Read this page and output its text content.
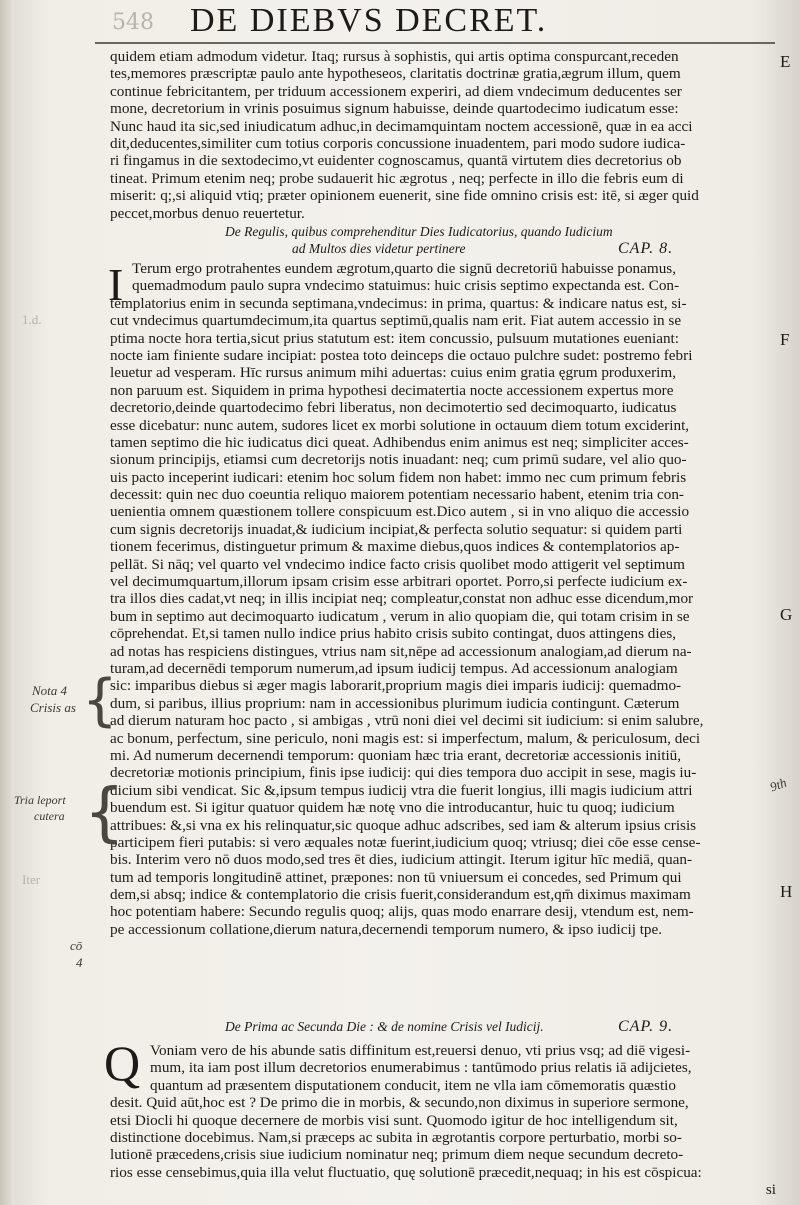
548 DE DIEBVS DECRET.
1.d.
Iter
quidem etiam admodum videtur. Itaq; rursus à sophistis, qui artis optima conspurcant,receden
tes,memores præscriptæ paulo ante hypotheseos, claritatis doctrinæ gratia,ægrum illum, quem
continue febricitantem, per triduum accessionem experiri, ad diem vndecimum deducentes ser
mone, decretorium in vrinis posuimus signum habuisse, deinde quartodecimo iudicatum esse:
Nunc haud ita sic,sed iniudicatum adhuc,in decimamquintam noctem accessionē, quæ in ea acci
dit,deducentes,similiter cum totius corporis concussione inuadentem, pari modo sudore iudica-
ri fingamus in die sextodecimo,vt euidenter cognoscamus, quantā virtutem dies decretorius ob
tineat. Primum etenim neq; probe sudauerit hic ægrotus , neq; perfecte in illo die febris eum di
miserit: q;,si aliquid vtiq; præter opinionem euenerit, sine fide omnino crisis est: itē, si æger quid
peccet,morbus denuo reuertetur.
De Regulis, quibus comprehenditur Dies Iudicatorius, quando Iudicium
ad Multos dies videtur pertinere	CAP. 8.
I Terum ergo protrahentes eundem ægrotum,quarto die signū decretoriū habuisse ponamus,
quemadmodum paulo supra vndecimo statuimus: huic crisis septimo expectanda est. Con-
templatorius enim in secunda septimana,vndecimus: in prima, quartus: & indicare natus est, si-
cut vndecimus quartumdecimum,ita quartus septimū,qualis nam erit. Fiat autem accessio in se
ptima nocte hora tertia,sicut prius statutum est: item concussio, pulsuum mutationes eueniant:
nocte iam finiente sudare incipiat: postea toto deinceps die octauo pulchre sudet: postremo febri
leuetur ad vesperam. Hīc rursus animum mihi aduertas: cuius enim gratia ęgrum produxerim,
non paruum est. Siquidem in prima hypothesi decimatertia nocte accessionem expertus more
decretorio,deinde quartodecimo febri liberatus, non decimotertio sed decimoquarto, iudicatus
esse dicebatur: nunc autem, sudores licet ex morbi solutione in octauum diem totum exciderint,
tamen septimo die hic iudicatus dici queat. Adhibendus enim animus est neq; simpliciter acces-
sionum principijs, etiamsi cum decretorijs notis inuadant: neq; cum primū sudare, vel alio quo-
uis pacto inceperint iudicari: etenim hoc solum fidem non habet: immo nec cum primum febris
decessit: quin nec duo coeuntia reliquo maiorem potentiam necessario habent, etenim tria con-
uenientia omnem quæstionem tollere conspicuum est.Dico autem , si in vno aliquo die accessio
cum signis decretorijs inuadat,& iudicium incipiat,& perfecta solutio sequatur: si quidem parti
tionem fecerimus, distinguetur primum & maxime diebus,quos indices & contemplatorios ap-
pellāt. Si nāq; vel quarto vel vndecimo indice facto crisis quolibet modo attigerit vel septimum
vel decimumquartum,illorum ipsam crisim esse arbitrari oportet. Porro,si perfecte iudicium ex-
tra illos dies cadat,vt neq; in illis incipiat neq; compleatur,constat non adhuc esse dicendum,mor
bum in septimo aut decimoquarto iudicatum , verum in alio quopiam die, qui totam crisim in se
cōprehendat. Et,si tamen nullo indice prius habito crisis subito contingat, duos attingens dies,
ad notas has respiciens distingues, vtrius nam sit,nēpe ad accessionum analogiam,ad dierum na-
turam,ad decernēdi temporum numerum,ad ipsum iudicij tempus. Ad accessionum analogiam
sic: imparibus diebus si æger magis laborarit,proprium magis diei imparis iudicij: quemadmo-
dum, si paribus, illius proprium: nam in accessionibus plurimum iudicia contingunt. Cæterum
ad dierum naturam hoc pacto , si ambigas , vtrū noni diei vel decimi sit iudicium: si enim salubre,
ac bonum, perfectum, sine periculo, noni magis est: si imperfectum, malum, & periculosum, deci
mi. Ad numerum decernendi temporum: quoniam hæc tria erant, decretoriæ accessionis initiū,
decretoriæ motionis principium, finis ipse iudicij: qui dies tempora duo accipit in sese, magis iu-
dicium sibi vendicat. Sic &,ipsum tempus iudicij vtra die fuerit longius, illi magis iudicium attri
buendum est. Si igitur quatuor quidem hæ notę vno die introducantur, huic tu quoq; iudicium
attribues: &,si vna ex his relinquatur,sic quoque adhuc adscribes, sed iam & alterum ipsius crisis
participem fieri putabis: si vero æquales notæ fuerint,iudicium quoq; vtriusq; diei cōe esse cense-
bis. Interim vero nō duos modo,sed tres ēt dies, iudicium attingit. Iterum igitur hīc mediā, quan-
tum ad temporis longitudinē attinet, præpones: non tū vniuersum ei concedes, sed Primum qui
dem,si absq; indice & contemplatorio die crisis fuerit,considerandum est,qm̄ diximus maximam
hoc potentiam habere: Secundo regulis quoq; alijs, quas modo enarrare desij, vtendum est, nem-
pe accessionum collatione,dierum natura,decernendi temporum numero, & ipso iudicij tpe.
De Prima ac Secunda Die : & de nomine Crisis vel Iudicij.	CAP. 9.
Q Voniam vero de his abunde satis diffinitum est,reuersi denuo, vti prius vsq; ad diē vigesi-
mum, ita iam post illum decretorios enumerabimus : tantūmodo prius relatis iā adijcietes,
quantum ad præsentem disputationem conducit, item ne vlla iam cōmemoratis quæstio
desit. Quid aūt,hoc est ? De primo die in morbis, & secundo,non diximus in superiore sermone,
etsi Diocli hi quoque decernere de morbis visi sunt. Quomodo igitur de hoc intelligendum sit,
distinctione docebimus. Nam,si præceps ac subita in ægrotantis corpore perturbatio, morbi so-
lutionē præcedens,crisis siue iudicium nominatur neq; primum diem neque secundum decreto-
rios esse censebimus,quia illa velut fluctuatio, quę solutionē præcedit,nequaq; in his est cōspicua:
si
E
F
G
H
Nota 4
Crisis as {
Tria leport
cutera {
cō
4
9th
